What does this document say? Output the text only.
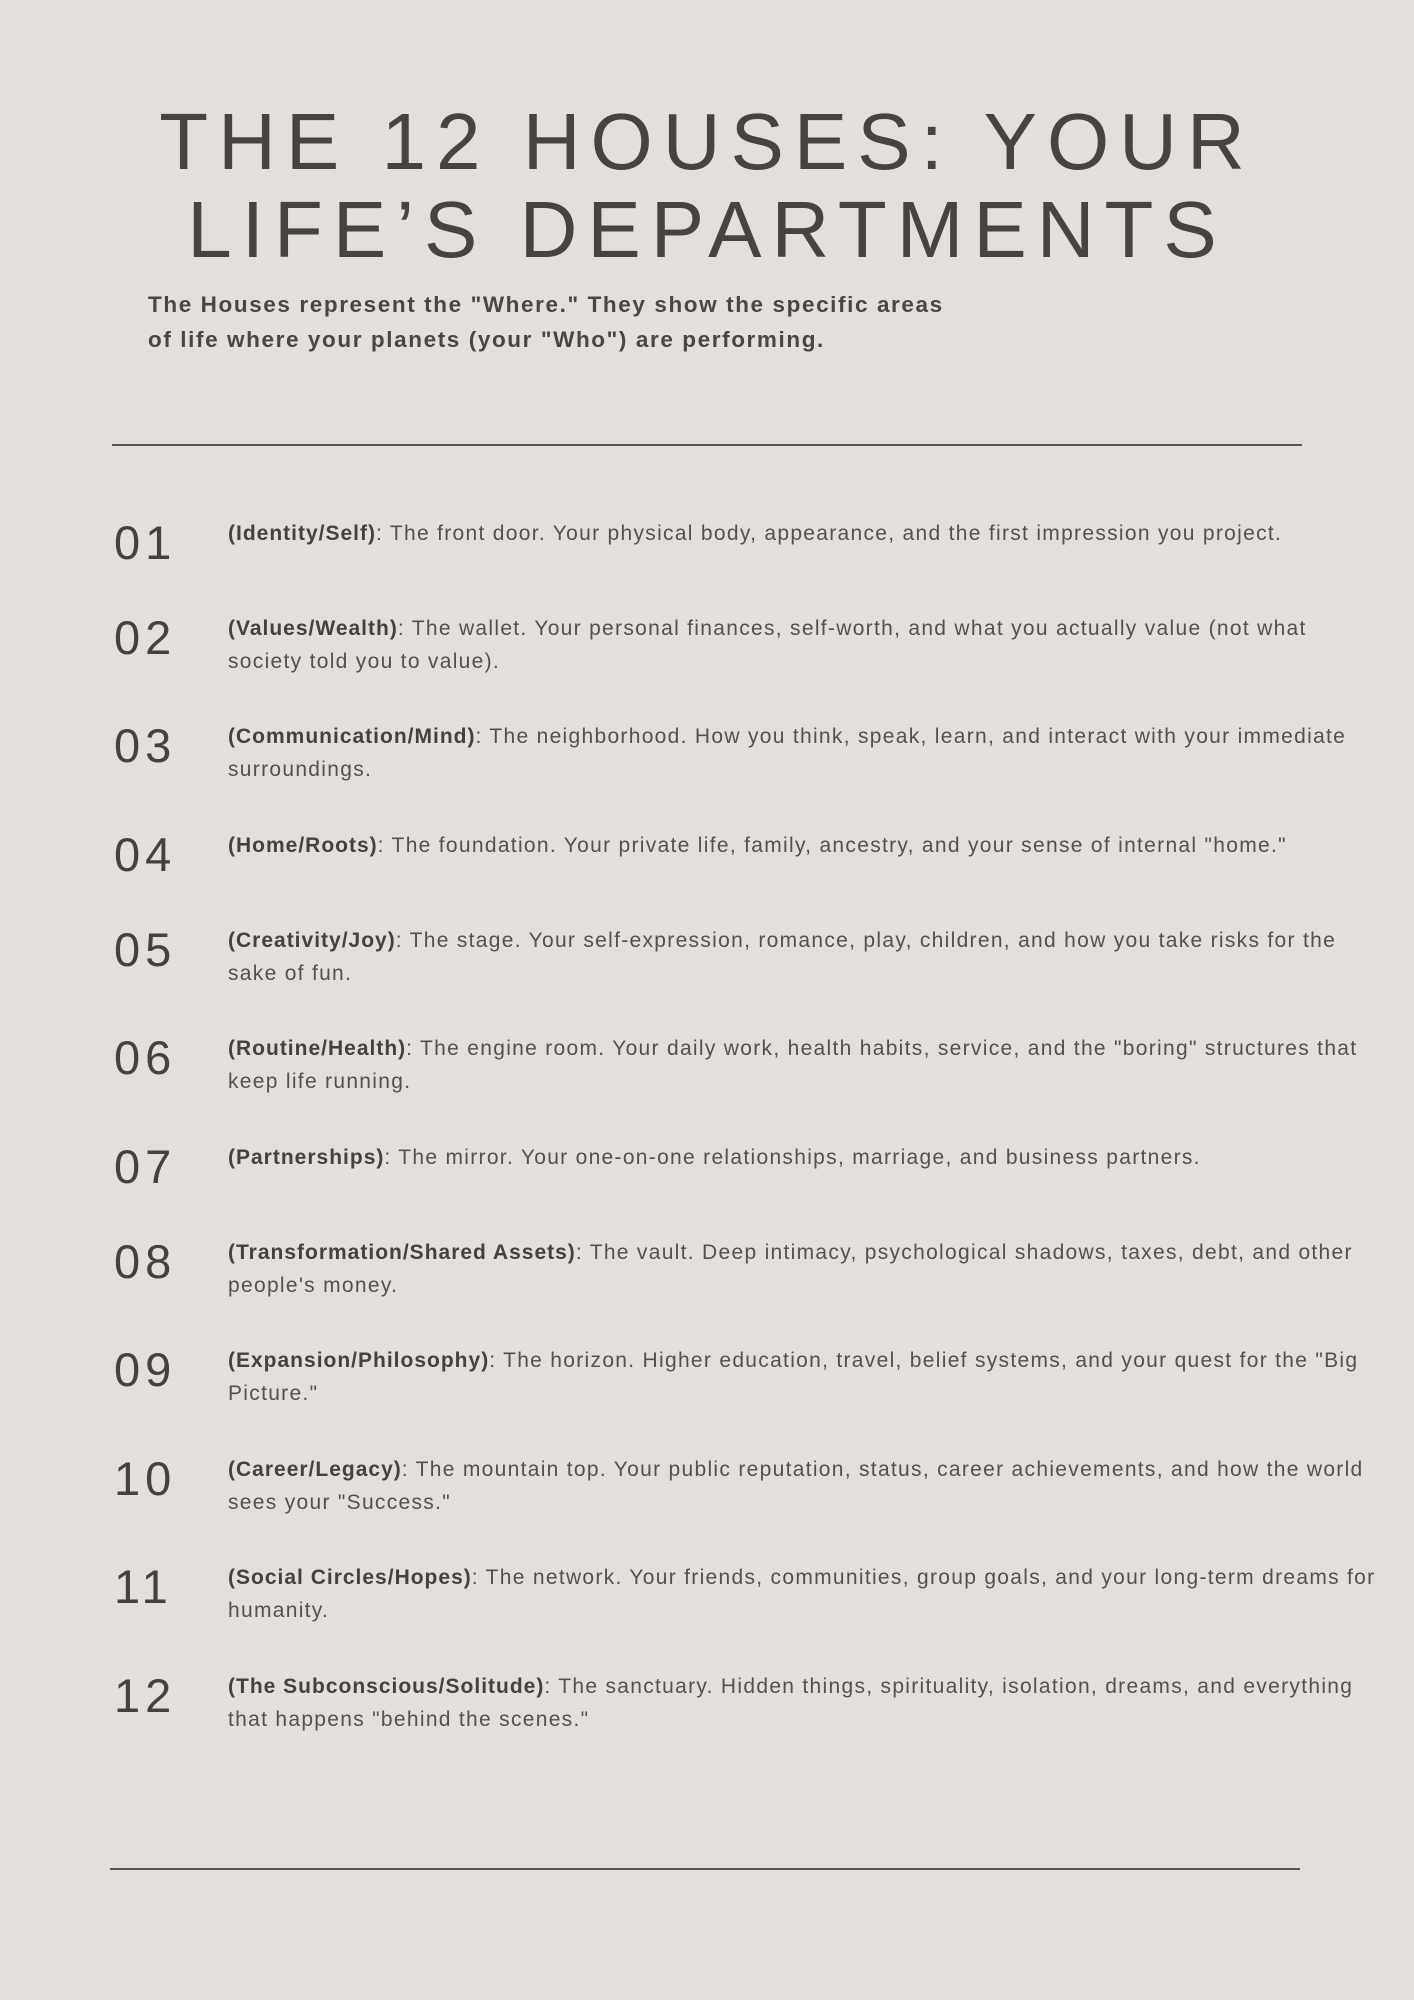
THE 12 HOUSES: YOUR
LIFE’S DEPARTMENTS

The Houses represent the "Where." They show the specific areas
of life where your planets (your "Who") are performing.

01	(Identity/Self): The front door. Your physical body, appearance, and the first impression you project.

02	(Values/Wealth): The wallet. Your personal finances, self-worth, and what you actually value (not what society told you to value).

03	(Communication/Mind): The neighborhood. How you think, speak, learn, and interact with your immediate surroundings.

04	(Home/Roots): The foundation. Your private life, family, ancestry, and your sense of internal "home."

05	(Creativity/Joy): The stage. Your self-expression, romance, play, children, and how you take risks for the sake of fun.

06	(Routine/Health): The engine room. Your daily work, health habits, service, and the "boring" structures that keep life running.

07	(Partnerships): The mirror. Your one-on-one relationships, marriage, and business partners.

08	(Transformation/Shared Assets): The vault. Deep intimacy, psychological shadows, taxes, debt, and other people's money.

09	(Expansion/Philosophy): The horizon. Higher education, travel, belief systems, and your quest for the "Big Picture."

10	(Career/Legacy): The mountain top. Your public reputation, status, career achievements, and how the world sees your "Success."

11	(Social Circles/Hopes): The network. Your friends, communities, group goals, and your long-term dreams for humanity.

12	(The Subconscious/Solitude): The sanctuary. Hidden things, spirituality, isolation, dreams, and everything that happens "behind the scenes."
